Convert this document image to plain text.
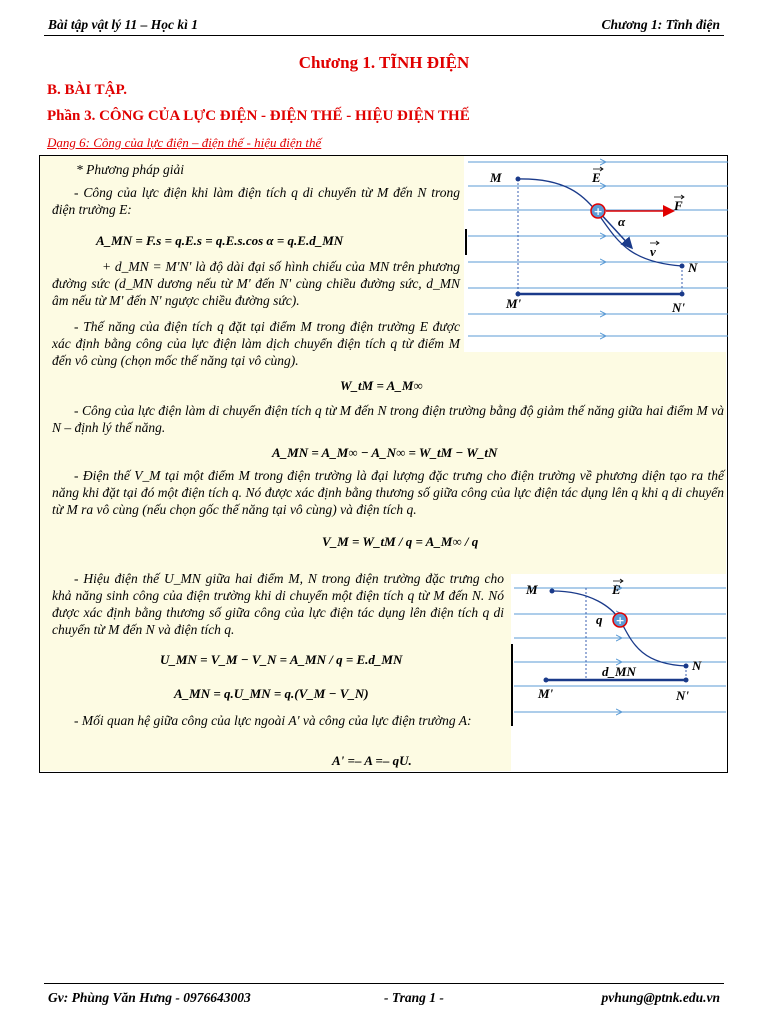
Bài tập vật lý 11 – Học kì 1	Chương 1: Tĩnh điện
Chương 1. TĨNH ĐIỆN
B. BÀI TẬP.
Phần 3. CÔNG CỦA LỰC ĐIỆN - ĐIỆN THẾ - HIỆU ĐIỆN THẾ
Dạng 6: Công của lực điện – điện thế - hiệu điện thế
* Phương pháp giải
- Công của lực điện khi làm điện tích q di chuyển từ M đến N trong điện trường E:
A_MN = F.s = q.E.s = q.E.s.cos α = q.E.d_MN
+ d_MN = M'N' là độ dài đại số hình chiếu của MN trên phương đường sức (d_MN dương nếu từ M' đến N' cùng chiều đường sức, d_MN âm nếu từ M' đến N' ngược chiều đường sức).
- Thế năng của điện tích q đặt tại điểm M trong điện trường E được xác định bằng công của lực điện làm dịch chuyển điện tích q từ điểm M đến vô cùng (chọn mốc thế năng tại vô cùng).
W_tM = A_M∞
- Công của lực điện làm di chuyển điện tích q từ M đến N trong điện trường bằng độ giảm thế năng giữa hai điểm M và N – định lý thế năng.
A_MN = A_M∞ − A_N∞ = W_tM − W_tN
- Điện thế V_M tại một điểm M trong điện trường là đại lượng đặc trưng cho điện trường về phương diện tạo ra thế năng khi đặt tại đó một điện tích q. Nó được xác định bằng thương số giữa công của lực điện tác dụng lên q khi q di chuyển từ M ra vô cùng (nếu chọn gốc thế năng tại vô cùng) và điện tích q.
V_M = W_tM / q = A_M∞ / q
- Hiệu điện thế U_MN giữa hai điểm M, N trong điện trường đặc trưng cho khả năng sinh công của điện trường khi di chuyển một điện tích q từ M đến N. Nó được xác định bằng thương số giữa công của lực điện tác dụng lên điện tích q di chuyển từ M đến N và điện tích q.
U_MN = V_M − V_N = A_MN / q = E.d_MN
A_MN = q.U_MN = q.(V_M − V_N)
- Mối quan hệ giữa công của lực ngoài A' và công của lực điện trường A:
A' =– A =– qU.
+
M	E
F
α
v
N
M'	N'
+
M	E
q
d_MN	N
M'	N'
Gv: Phùng Văn Hưng - 0976643003	- Trang 1 -	pvhung@ptnk.edu.vn
